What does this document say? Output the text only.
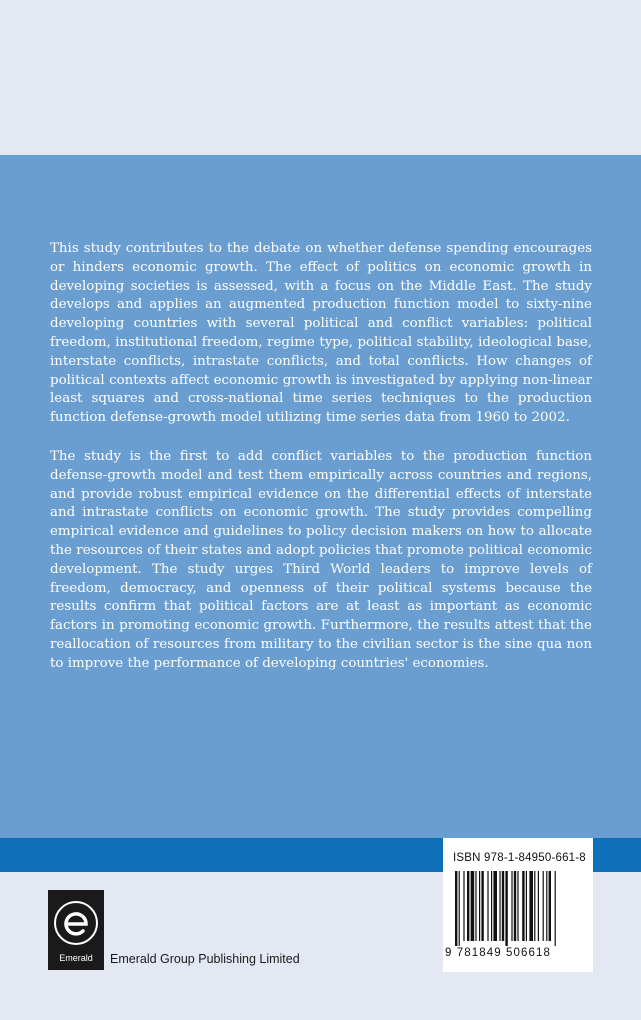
This study contributes to the debate on whether defense spending encourages or hinders economic growth. The effect of politics on economic growth in developing societies is assessed, with a focus on the Middle East. The study develops and applies an augmented production function model to sixty-nine developing countries with several political and conflict variables: political freedom, institutional freedom, regime type, political stability, ideological base, interstate conflicts, intrastate conflicts, and total conflicts. How changes of political contexts affect economic growth is investigated by applying non-linear least squares and cross-national time series techniques to the production function defense-growth model utilizing time series data from 1960 to 2002.

The study is the first to add conflict variables to the production function defense-growth model and test them empirically across countries and regions, and provide robust empirical evidence on the differential effects of interstate and intrastate conflicts on economic growth. The study provides compelling empirical evidence and guidelines to policy decision makers on how to allocate the resources of their states and adopt policies that promote political economic development. The study urges Third World leaders to improve levels of freedom, democracy, and openness of their political systems because the results confirm that political factors are at least as important as economic factors in promoting economic growth. Furthermore, the results attest that the reallocation of resources from military to the civilian sector is the sine qua non to improve the performance of developing countries' economies.

Emerald	Emerald Group Publishing Limited
ISBN 978-1-84950-661-8
9 781849 506618
